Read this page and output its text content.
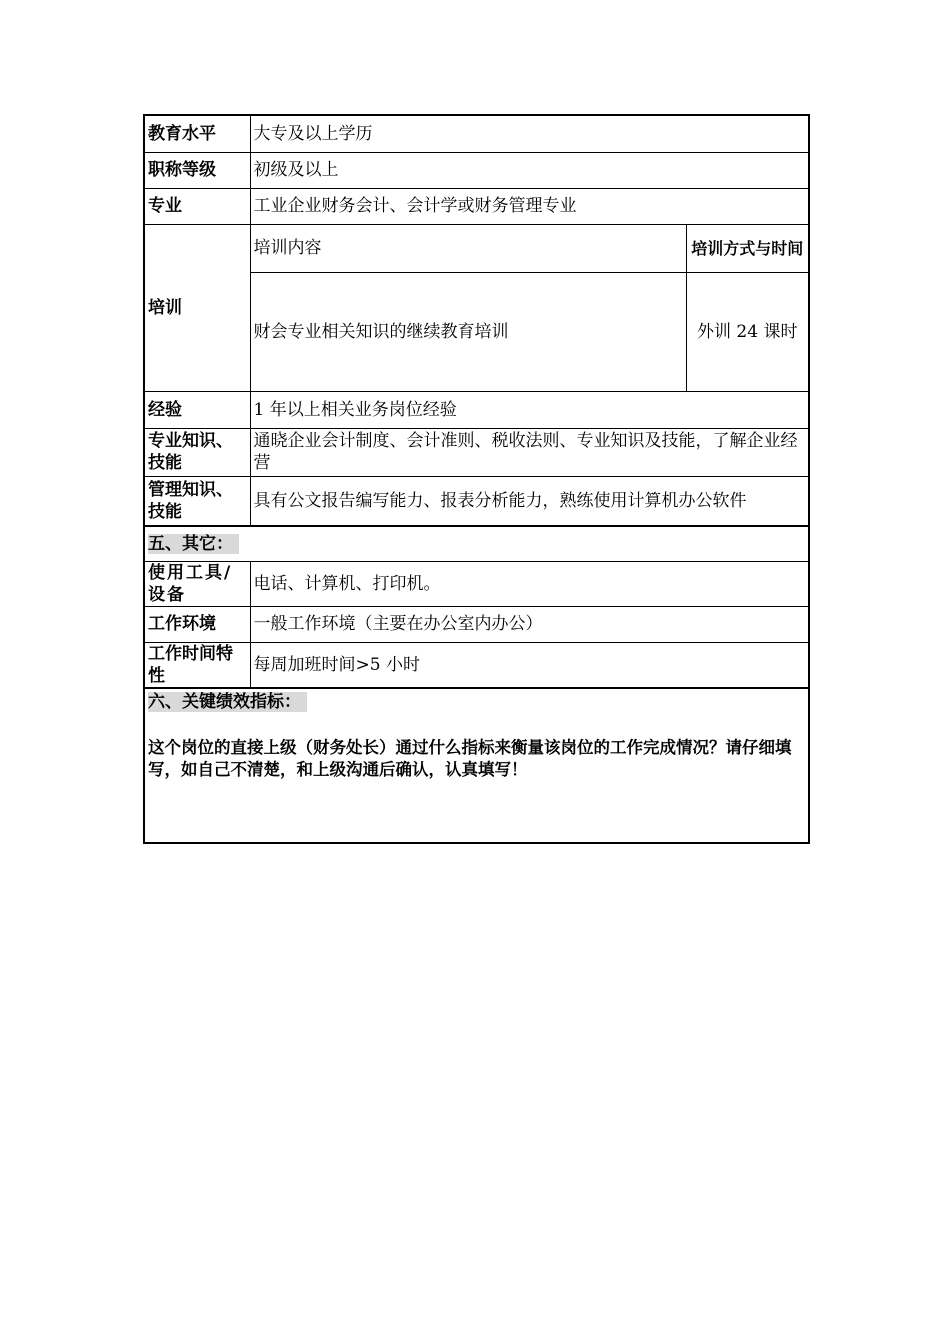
教育水平	大专及以上学历	
职称等级	初级及以上	
专业	工业企业财务会计、会计学或财务管理专业	
培训	培训内容	培训方式与时间
	财会专业相关知识的继续教育培训	外训 24 课时
经验	1 年以上相关业务岗位经验	
专业知识、技能	通晓企业会计制度、会计准则、税收法则、专业知识及技能，了解企业经营	
管理知识、技能	具有公文报告编写能力、报表分析能力，熟练使用计算机办公软件	
五、其它：		
使用工具/设备	电话、计算机、打印机。	
工作环境	一般工作环境（主要在办公室内办公）	
工作时间特性	每周加班时间>5 小时	

六、关键绩效指标：
这个岗位的直接上级（财务处长）通过什么指标来衡量该岗位的工作完成情况？请仔细填写，如自己不清楚，和上级沟通后确认，认真填写！		
